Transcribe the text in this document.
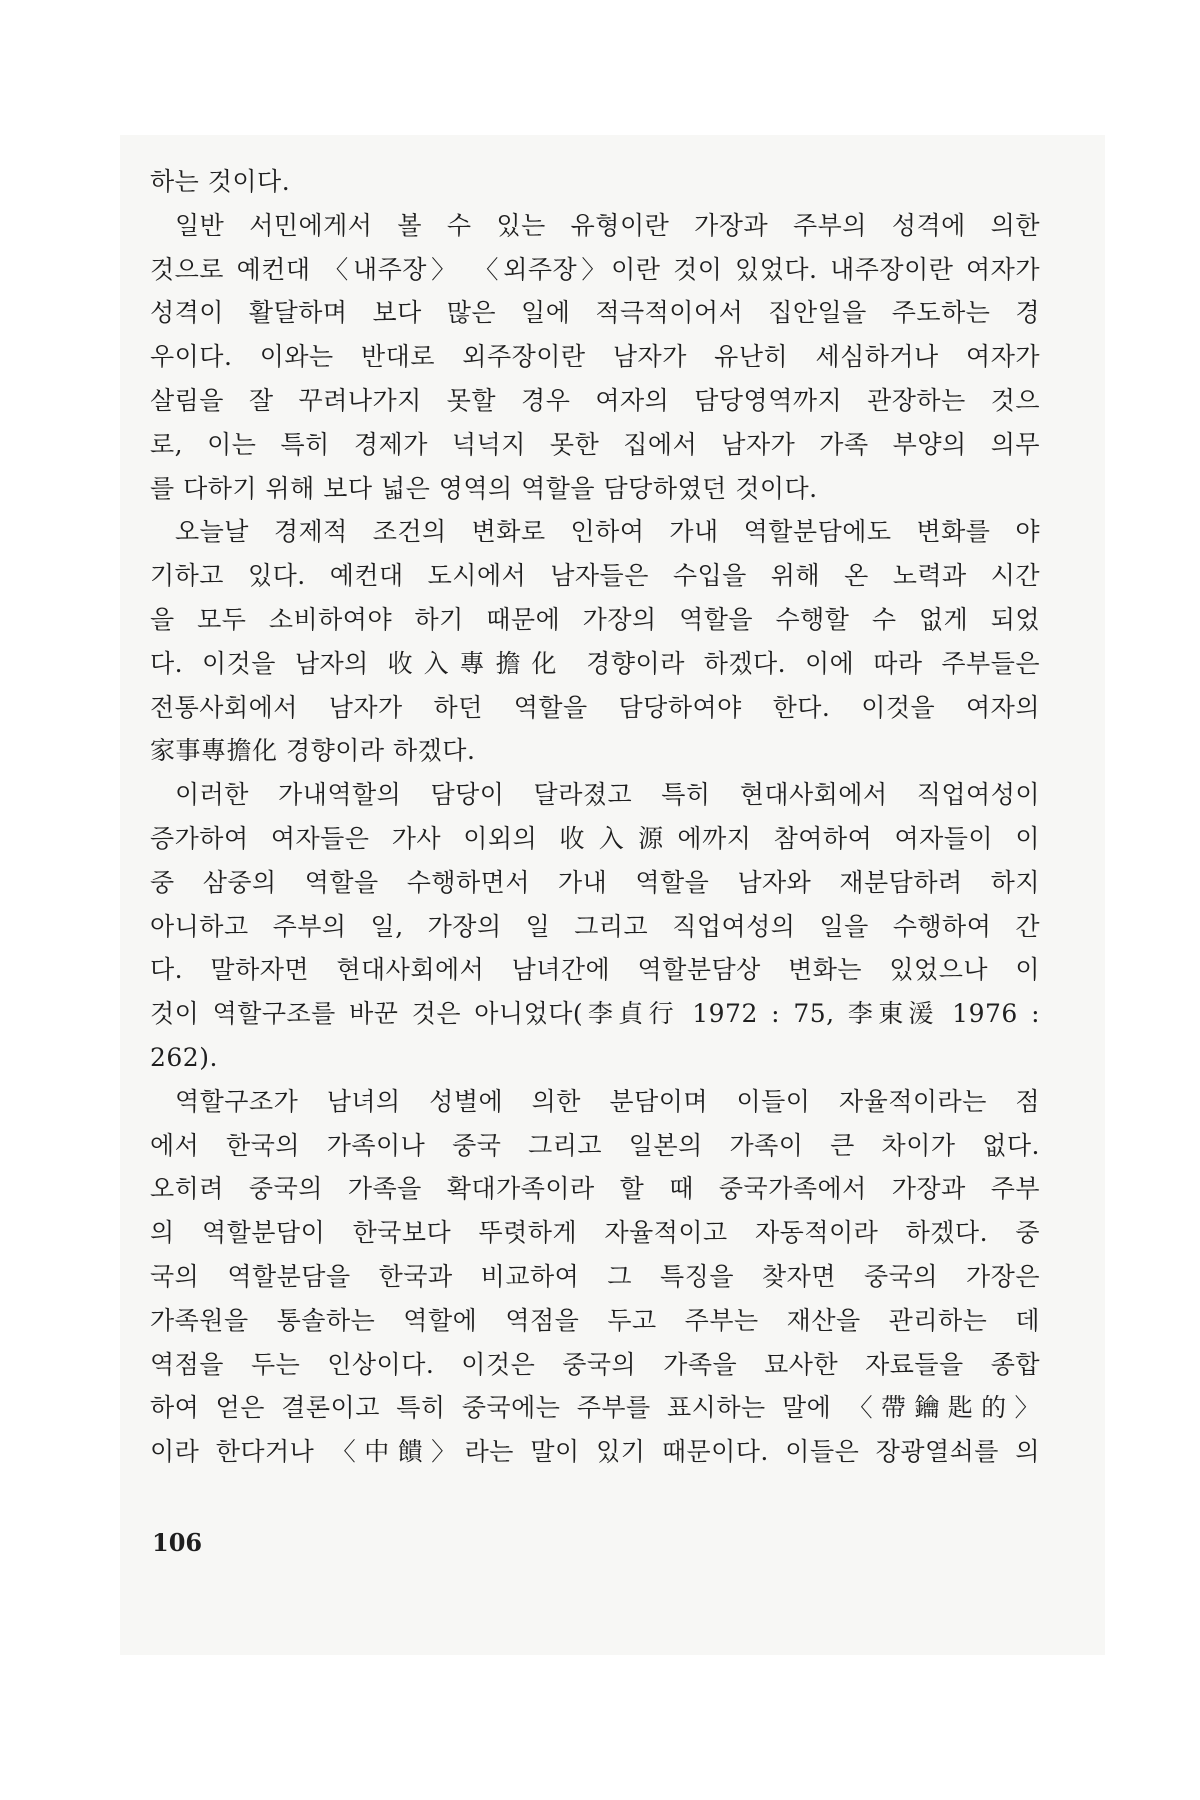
하는 것이다.
일반 서민에게서 볼 수 있는 유형이란 가장과 주부의 성격에 의한
것으로 예컨대 〈내주장〉 〈외주장〉이란 것이 있었다. 내주장이란 여자가
성격이 활달하며 보다 많은 일에 적극적이어서 집안일을 주도하는 경
우이다. 이와는 반대로 외주장이란 남자가 유난히 세심하거나 여자가
살림을 잘 꾸려나가지 못할 경우 여자의 담당영역까지 관장하는 것으
로, 이는 특히 경제가 넉넉지 못한 집에서 남자가 가족 부양의 의무
를 다하기 위해 보다 넓은 영역의 역할을 담당하였던 것이다.
오늘날 경제적 조건의 변화로 인하여 가내 역할분담에도 변화를 야
기하고 있다. 예컨대 도시에서 남자들은 수입을 위해 온 노력과 시간
을 모두 소비하여야 하기 때문에 가장의 역할을 수행할 수 없게 되었
다. 이것을 남자의 收入專擔化 경향이라 하겠다. 이에 따라 주부들은
전통사회에서 남자가 하던 역할을 담당하여야 한다. 이것을 여자의
家事專擔化 경향이라 하겠다.
이러한 가내역할의 담당이 달라졌고 특히 현대사회에서 직업여성이
증가하여 여자들은 가사 이외의 收入源에까지 참여하여 여자들이 이
중 삼중의 역할을 수행하면서 가내 역할을 남자와 재분담하려 하지
아니하고 주부의 일, 가장의 일 그리고 직업여성의 일을 수행하여 간
다. 말하자면 현대사회에서 남녀간에 역할분담상 변화는 있었으나 이
것이 역할구조를 바꾼 것은 아니었다(李貞行 1972 : 75, 李東湲 1976 :
262).
역할구조가 남녀의 성별에 의한 분담이며 이들이 자율적이라는 점
에서 한국의 가족이나 중국 그리고 일본의 가족이 큰 차이가 없다.
오히려 중국의 가족을 확대가족이라 할 때 중국가족에서 가장과 주부
의 역할분담이 한국보다 뚜렷하게 자율적이고 자동적이라 하겠다. 중
국의 역할분담을 한국과 비교하여 그 특징을 찾자면 중국의 가장은
가족원을 통솔하는 역할에 역점을 두고 주부는 재산을 관리하는 데
역점을 두는 인상이다. 이것은 중국의 가족을 묘사한 자료들을 종합
하여 얻은 결론이고 특히 중국에는 주부를 표시하는 말에 〈帶鑰匙的〉
이라 한다거나 〈中饋〉라는 말이 있기 때문이다. 이들은 장광열쇠를 의
106
